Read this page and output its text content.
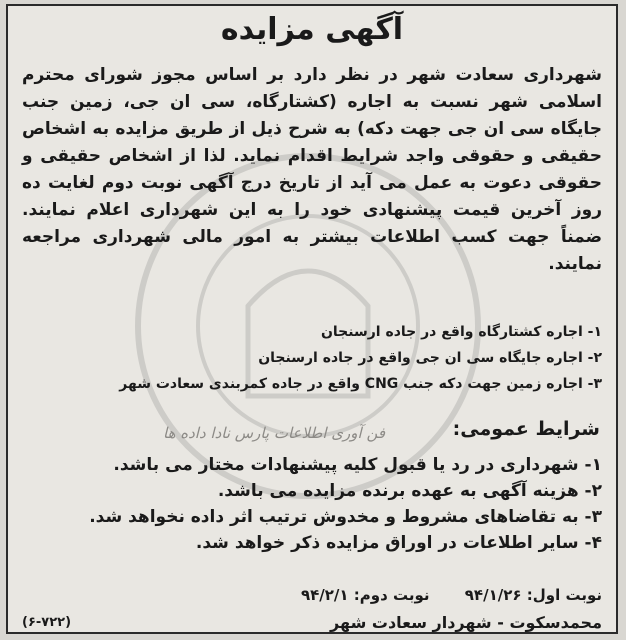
آگهی مزایده
شهرداری سعادت شهر در نظر دارد بر اساس مجوز شورای محترم اسلامی شهر نسبت به اجاره (کشتارگاه، سی ان جی، زمین جنب جایگاه سی ان جی جهت دکه) به شرح ذیل از طریق مزایده به اشخاص حقیقی و حقوقی واجد شرایط اقدام نماید. لذا از اشخاص حقیقی و حقوقی دعوت به عمل می آید از تاریخ درج آگهی نوبت دوم لغایت ده روز آخرین قیمت پیشنهادی خود را به این شهرداری اعلام نمایند. ضمناً جهت کسب اطلاعات بیشتر به امور مالی شهرداری مراجعه نمایند.
۱- اجاره کشتارگاه واقع در جاده ارسنجان
۲- اجاره جایگاه سی ان جی واقع در جاده ارسنجان
۳- اجاره زمین جهت دکه جنب CNG واقع در جاده کمربندی سعادت شهر
شرایط عمومی:
فن آوری اطلاعات پارس نادا داده ها
۱- شهرداری در رد یا قبول کلیه پیشنهادات مختار می باشد.
۲- هزینه آگهی به عهده برنده مزایده می باشد.
۳- به تقاضاهای مشروط و مخدوش ترتیب اثر داده نخواهد شد.
۴- سایر اطلاعات در اوراق مزایده ذکر خواهد شد.
نوبت اول: ۹۴/۱/۲۶ نوبت دوم: ۹۴/۲/۱
محمدسکوت - شهردار سعادت شهر
(۶-۷۲۲)
